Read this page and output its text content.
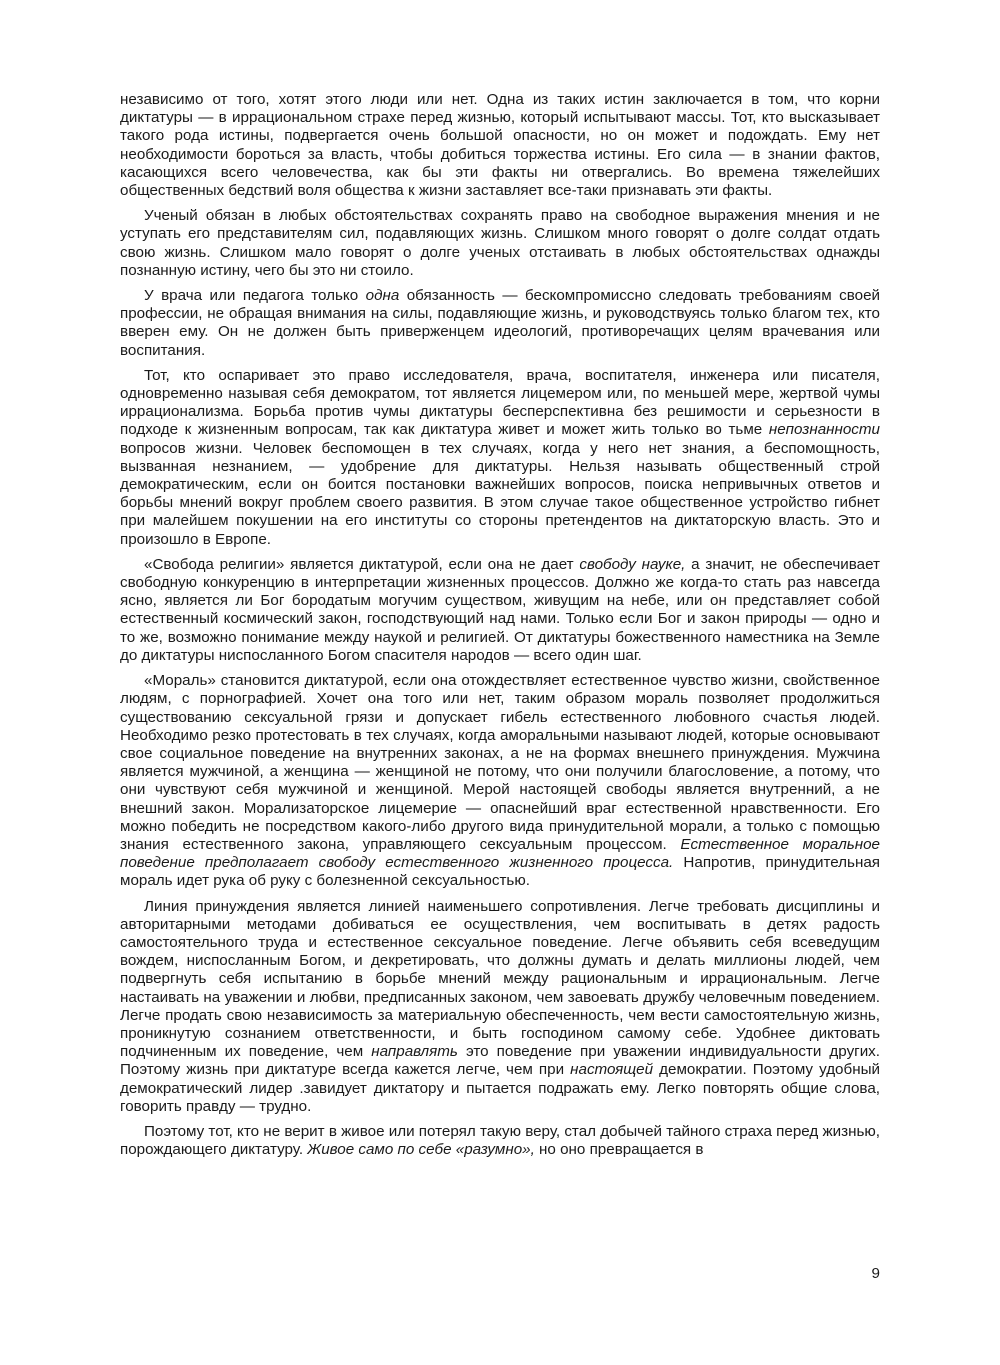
независимо от того, хотят этого люди или нет. Одна из таких истин заключается в том, что корни диктатуры — в иррациональном страхе перед жизнью, который испытывают массы. Тот, кто высказывает такого рода истины, подвергается очень большой опасности, но он может и подождать. Ему нет необходимости бороться за власть, чтобы добиться торжества истины. Его сила — в знании фактов, касающихся всего человечества, как бы эти факты ни отвергались. Во времена тяжелейших общественных бедствий воля общества к жизни заставляет все-таки признавать эти факты.

Ученый обязан в любых обстоятельствах сохранять право на свободное выражения мнения и не уступать его представителям сил, подавляющих жизнь. Слишком много говорят о долге солдат отдать свою жизнь. Слишком мало говорят о долге ученых отстаивать в любых обстоятельствах однажды познанную истину, чего бы это ни стоило.

У врача или педагога только одна обязанность — бескомпромиссно следовать требованиям своей профессии, не обращая внимания на силы, подавляющие жизнь, и руководствуясь только благом тех, кто вверен ему. Он не должен быть приверженцем идеологий, противоречащих целям врачевания или воспитания.

Тот, кто оспаривает это право исследователя, врача, воспитателя, инженера или писателя, одновременно называя себя демократом, тот является лицемером или, по меньшей мере, жертвой чумы иррационализма. Борьба против чумы диктатуры бесперспективна без решимости и серьезности в подходе к жизненным вопросам, так как диктатура живет и может жить только во тьме непознанности вопросов жизни. Человек беспомощен в тех случаях, когда у него нет знания, а беспомощность, вызванная незнанием, — удобрение для диктатуры. Нельзя называть общественный строй демократическим, если он боится постановки важнейших вопросов, поиска непривычных ответов и борьбы мнений вокруг проблем своего развития. В этом случае такое общественное устройство гибнет при малейшем покушении на его институты со стороны претендентов на диктаторскую власть. Это и произошло в Европе.

«Свобода религии» является диктатурой, если она не дает свободу науке, а значит, не обеспечивает свободную конкуренцию в интерпретации жизненных процессов. Должно же когда-то стать раз навсегда ясно, является ли Бог бородатым могучим существом, живущим на небе, или он представляет собой естественный космический закон, господствующий над нами. Только если Бог и закон природы — одно и то же, возможно понимание между наукой и религией. От диктатуры божественного наместника на Земле до диктатуры ниспосланного Богом спасителя народов — всего один шаг.

«Мораль» становится диктатурой, если она отождествляет естественное чувство жизни, свойственное людям, с порнографией. Хочет она того или нет, таким образом мораль позволяет продолжиться существованию сексуальной грязи и допускает гибель естественного любовного счастья людей. Необходимо резко протестовать в тех случаях, когда аморальными называют людей, которые основывают свое социальное поведение на внутренних законах, а не на формах внешнего принуждения. Мужчина является мужчиной, а женщина — женщиной не потому, что они получили благословение, а потому, что они чувствуют себя мужчиной и женщиной. Мерой настоящей свободы является внутренний, а не внешний закон. Морализаторское лицемерие — опаснейший враг естественной нравственности. Его можно победить не посредством какого-либо другого вида принудительной морали, а только с помощью знания естественного закона, управляющего сексуальным процессом. Естественное моральное поведение предполагает свободу естественного жизненного процесса. Напротив, принудительная мораль идет рука об руку с болезненной сексуальностью.

Линия принуждения является линией наименьшего сопротивления. Легче требовать дисциплины и авторитарными методами добиваться ее осуществления, чем воспитывать в детях радость самостоятельного труда и естественное сексуальное поведение. Легче объявить себя всеведущим вождем, ниспосланным Богом, и декретировать, что должны думать и делать миллионы людей, чем подвергнуть себя испытанию в борьбе мнений между рациональным и иррациональным. Легче настаивать на уважении и любви, предписанных законом, чем завоевать дружбу человечным поведением. Легче продать свою независимость за материальную обеспеченность, чем вести самостоятельную жизнь, проникнутую сознанием ответственности, и быть господином самому себе. Удобнее диктовать подчиненным их поведение, чем направлять это поведение при уважении индивидуальности других. Поэтому жизнь при диктатуре всегда кажется легче, чем при настоящей демократии. Поэтому удобный демократический лидер .завидует диктатору и пытается подражать ему. Легко повторять общие слова, говорить правду — трудно.

Поэтому тот, кто не верит в живое или потерял такую веру, стал добычей тайного страха перед жизнью, порождающего диктатуру. Живое само по себе «разумно», но оно превращается в

9
